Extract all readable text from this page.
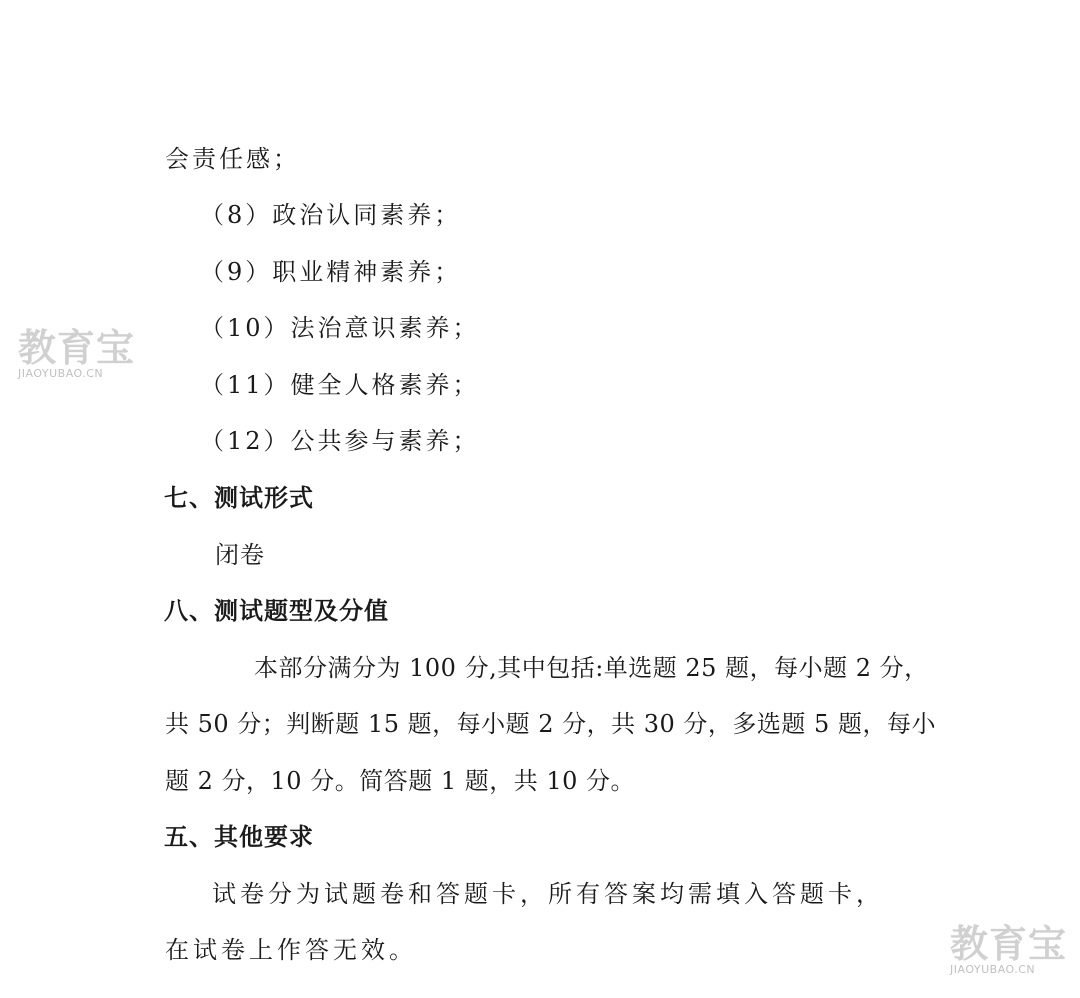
教育宝
JIAOYUBAO.CN
教育宝
JIAOYUBAO.CN
会责任感；
（8）政治认同素养；
（9）职业精神素养；
（10）法治意识素养；
（11）健全人格素养；
（12）公共参与素养；
七、测试形式
闭卷
八、测试题型及分值
本部分满分为 100 分,其中包括:单选题 25 题，每小题 2 分，
共 50 分；判断题 15 题，每小题 2 分，共 30 分，多选题 5 题，每小
题 2 分，10 分。简答题 1 题，共 10 分。
五、其他要求
试卷分为试题卷和答题卡，所有答案均需填入答题卡，
在试卷上作答无效。
